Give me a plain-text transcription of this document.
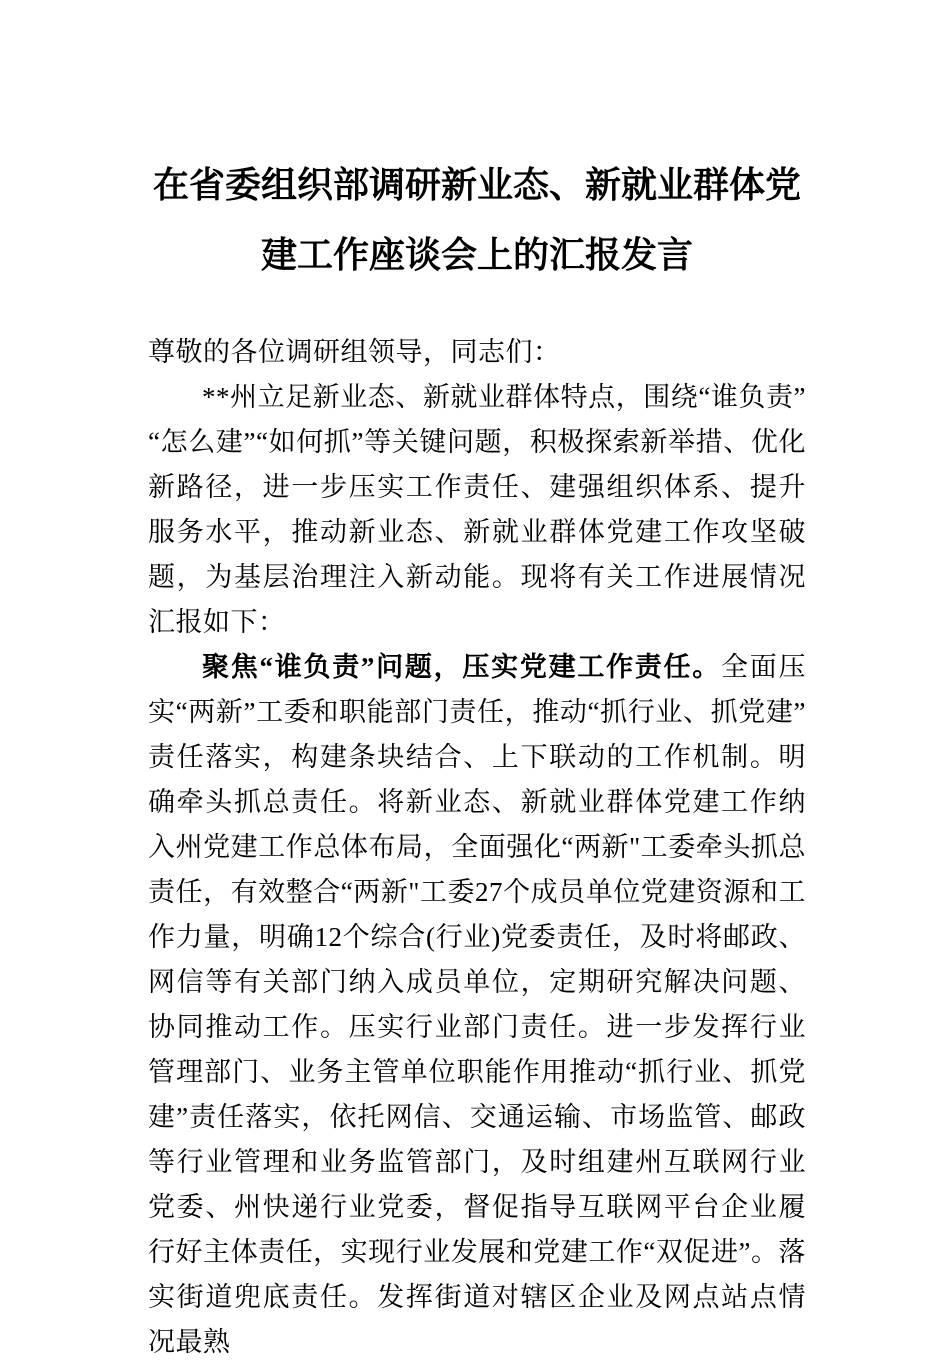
在省委组织部调研新业态、新就业群体党建工作座谈会上的汇报发言

尊敬的各位调研组领导，同志们：

**州立足新业态、新就业群体特点，围绕“谁负责”“怎么建”“如何抓”等关键问题，积极探索新举措、优化新路径，进一步压实工作责任、建强组织体系、提升服务水平，推动新业态、新就业群体党建工作攻坚破题，为基层治理注入新动能。现将有关工作进展情况汇报如下：

聚焦“谁负责”问题，压实党建工作责任。全面压实“两新”工委和职能部门责任，推动“抓行业、抓党建”责任落实，构建条块结合、上下联动的工作机制。明确牵头抓总责任。将新业态、新就业群体党建工作纳入州党建工作总体布局，全面强化“两新"工委牵头抓总责任，有效整合“两新"工委27个成员单位党建资源和工作力量，明确12个综合(行业)党委责任，及时将邮政、网信等有关部门纳入成员单位，定期研究解决问题、协同推动工作。压实行业部门责任。进一步发挥行业管理部门、业务主管单位职能作用推动“抓行业、抓党建”责任落实，依托网信、交通运输、市场监管、邮政等行业管理和业务监管部门，及时组建州互联网行业党委、州快递行业党委，督促指导互联网平台企业履行好主体责任，实现行业发展和党建工作“双促进”。落实街道兜底责任。发挥街道对辖区企业及网点站点情况最熟
